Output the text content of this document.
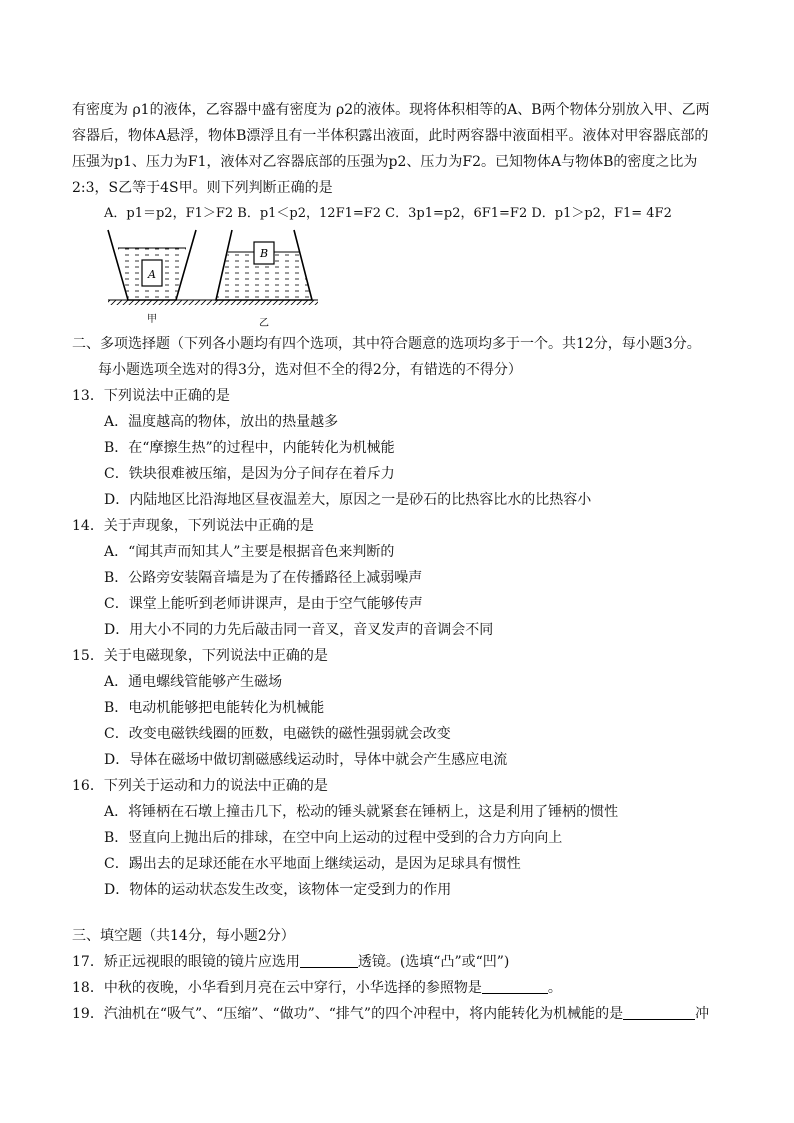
有密度为 ρ1的液体，乙容器中盛有密度为 ρ2的液体。现将体积相等的A、B两个物体分别放入甲、乙两
容器后，物体A悬浮，物体B漂浮且有一半体积露出液面，此时两容器中液面相平。液体对甲容器底部的
压强为p1、压力为F1，液体对乙容器底部的压强为p2、压力为F2。已知物体A与物体B的密度之比为
2:3，S乙等于4S甲。则下列判断正确的是
A．p1＝p2，F1＞F2 B．p1＜p2，12F1=F2 C．3p1=p2，6F1=F2 D．p1＞p2，F1= 4F2
A
B
甲	乙
二、多项选择题（下列各小题均有四个选项，其中符合题意的选项均多于一个。共12分，每小题3分。
每小题选项全选对的得3分，选对但不全的得2分，有错选的不得分）
13．下列说法中正确的是
A．温度越高的物体，放出的热量越多
B．在“摩擦生热”的过程中，内能转化为机械能
C．铁块很难被压缩，是因为分子间存在着斥力
D．内陆地区比沿海地区昼夜温差大，原因之一是砂石的比热容比水的比热容小
14．关于声现象，下列说法中正确的是
A．“闻其声而知其人”主要是根据音色来判断的
B．公路旁安装隔音墙是为了在传播路径上减弱噪声
C．课堂上能听到老师讲课声，是由于空气能够传声
D．用大小不同的力先后敲击同一音叉，音叉发声的音调会不同
15．关于电磁现象，下列说法中正确的是
A．通电螺线管能够产生磁场
B．电动机能够把电能转化为机械能
C．改变电磁铁线圈的匝数，电磁铁的磁性强弱就会改变
D．导体在磁场中做切割磁感线运动时，导体中就会产生感应电流
16．下列关于运动和力的说法中正确的是
A．将锤柄在石墩上撞击几下，松动的锤头就紧套在锤柄上，这是利用了锤柄的惯性
B．竖直向上抛出后的排球，在空中向上运动的过程中受到的合力方向向上
C．踢出去的足球还能在水平地面上继续运动，是因为足球具有惯性
D．物体的运动状态发生改变，该物体一定受到力的作用
三、填空题（共14分，每小题2分）
17．矫正远视眼的眼镜的镜片应选用	透镜。(选填“凸”或“凹”)
18．中秋的夜晚，小华看到月亮在云中穿行，小华选择的参照物是	。
19．汽油机在“吸气”、“压缩”、“做功”、“排气”的四个冲程中，将内能转化为机械能的是	冲
